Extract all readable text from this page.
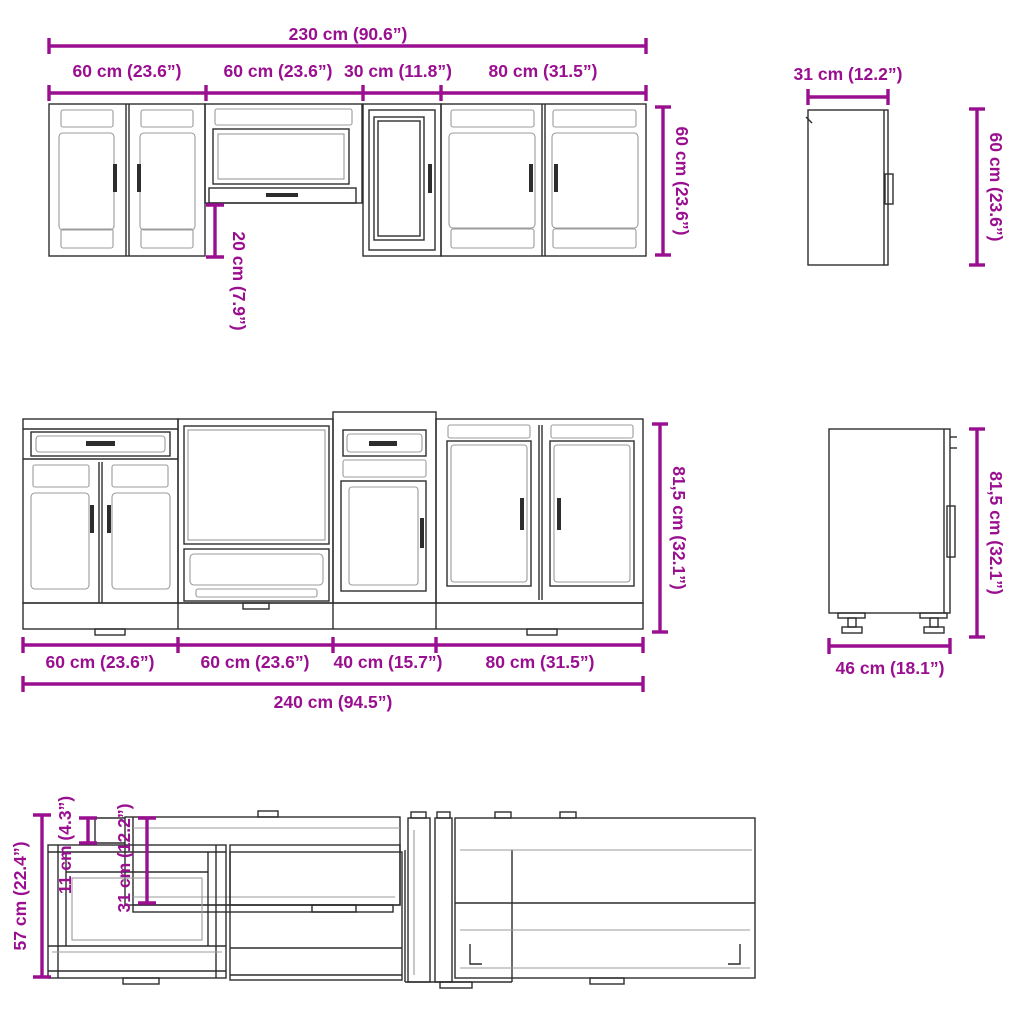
230 cm (90.6”)
60 cm (23.6”) 60 cm (23.6”) 30 cm (11.8”) 80 cm (31.5”)
60 cm (23.6”)
20 cm (7.9”)
31 cm (12.2”)
60 cm (23.6”)
81,5 cm (32.1”)
60 cm (23.6”)	60 cm (23.6”) 40 cm (15.7”) 80 cm (31.5”)
240 cm (94.5”)
46 cm (18.1”)
81,5 cm (32.1”)
57 cm (22.4”) 11 cm (4.3”) 31 cm (12.2”)
